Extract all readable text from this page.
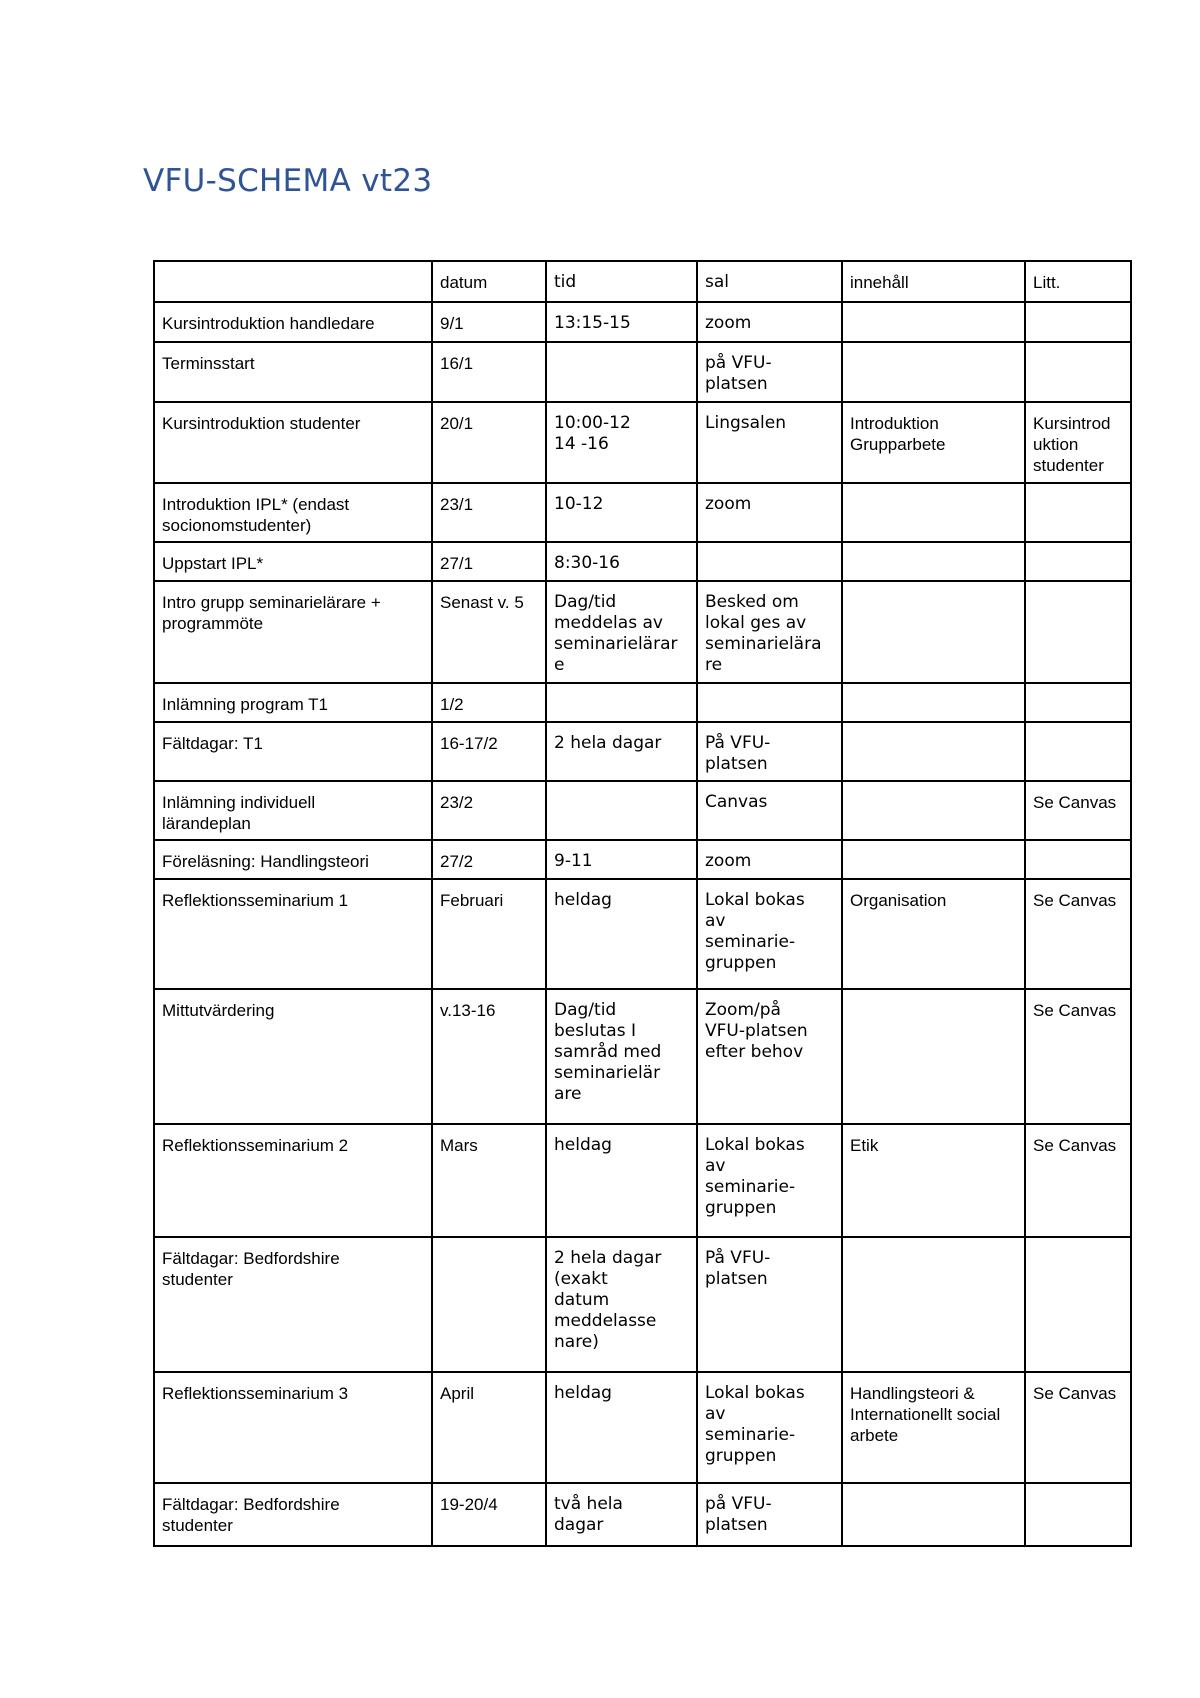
VFU-SCHEMA vt23
	datum	tid	sal	innehåll	Litt.
Kursintroduktion handledare	9/1	13:15-15	zoom		
Terminsstart	16/1		på VFU-
platsen		
Kursintroduktion studenter	20/1	10:00-12
14 -16	Lingsalen	Introduktion
Grupparbete	Kursintrod
uktion
studenter
Introduktion IPL* (endast
socionomstudenter)	23/1	10-12	zoom		
Uppstart IPL*	27/1	8:30-16			
Intro grupp seminarielärare +
programmöte	Senast v. 5	Dag/tid
meddelas av
seminarielärar
e	Besked om
lokal ges av
seminarielära
re		
Inlämning program T1	1/2				
Fältdagar: T1	16-17/2	2 hela dagar	På VFU-
platsen		
Inlämning individuell
lärandeplan	23/2		Canvas		Se Canvas
Föreläsning: Handlingsteori	27/2	9-11	zoom		
Reflektionsseminarium 1	Februari	heldag	Lokal bokas
av
seminarie-
gruppen	Organisation	Se Canvas
Mittutvärdering	v.13-16	Dag/tid
beslutas I
samråd med
seminarielär
are	Zoom/på
VFU-platsen
efter behov		Se Canvas
Reflektionsseminarium 2	Mars	heldag	Lokal bokas
av
seminarie-
gruppen	Etik	Se Canvas
Fältdagar: Bedfordshire
studenter		2 hela dagar
(exakt
datum
meddelasse
nare)	På VFU-
platsen		
Reflektionsseminarium 3	April	heldag	Lokal bokas
av
seminarie-
gruppen	Handlingsteori &
Internationellt social
arbete	Se Canvas
Fältdagar: Bedfordshire
studenter	19-20/4	två hela
dagar	på VFU-
platsen		
